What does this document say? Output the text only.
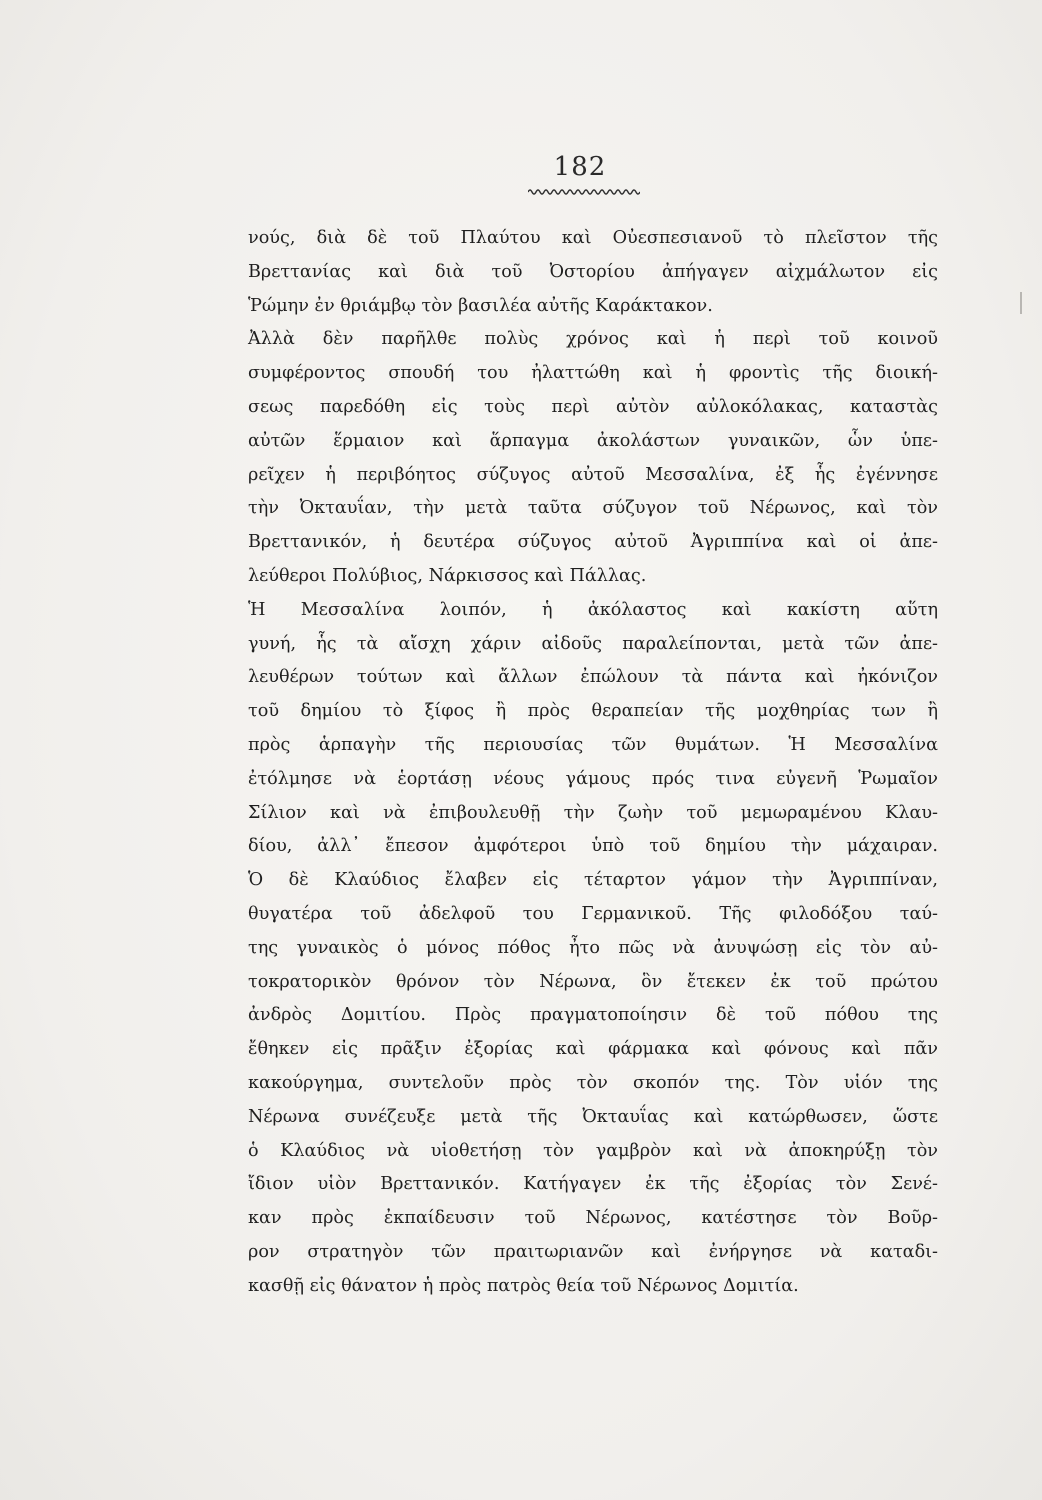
182
νούς, διὰ δὲ τοῦ Πλαύτου καὶ Οὐεσπεσιανοῦ τὸ πλεῖστον τῆς
Βρεττανίας καὶ διὰ τοῦ Ὀστορίου ἀπήγαγεν αἰχμάλωτον εἰς
Ῥώμην ἐν θριάμβῳ τὸν βασιλέα αὐτῆς Καράκτακον.
Ἀλλὰ δὲν παρῆλθε πολὺς χρόνος καὶ ἡ περὶ τοῦ κοινοῦ
συμφέροντος σπουδή του ἠλαττώθη καὶ ἡ φροντὶς τῆς διοική-
σεως παρεδόθη εἰς τοὺς περὶ αὐτὸν αὐλοκόλακας, καταστὰς
αὐτῶν ἕρμαιον καὶ ἅρπαγμα ἀκολάστων γυναικῶν, ὧν ὑπε-
ρεῖχεν ἡ περιβόητος σύζυγος αὐτοῦ Μεσσαλίνα, ἐξ ἧς ἐγέννησε
τὴν Ὀκταυΐαν, τὴν μετὰ ταῦτα σύζυγον τοῦ Νέρωνος, καὶ τὸν
Βρεττανικόν, ἡ δευτέρα σύζυγος αὐτοῦ Ἀγριππίνα καὶ οἱ ἀπε-
λεύθεροι Πολύβιος, Νάρκισσος καὶ Πάλλας.
Ἡ Μεσσαλίνα λοιπόν, ἡ ἀκόλαστος καὶ κακίστη αὕτη
γυνή, ἧς τὰ αἴσχη χάριν αἰδοῦς παραλείπονται, μετὰ τῶν ἀπε-
λευθέρων τούτων καὶ ἄλλων ἐπώλουν τὰ πάντα καὶ ἠκόνιζον
τοῦ δημίου τὸ ξίφος ἢ πρὸς θεραπείαν τῆς μοχθηρίας των ἢ
πρὸς ἁρπαγὴν τῆς περιουσίας τῶν θυμάτων. Ἡ Μεσσαλίνα
ἐτόλμησε νὰ ἑορτάσῃ νέους γάμους πρός τινα εὐγενῆ Ῥωμαῖον
Σίλιον καὶ νὰ ἐπιβουλευθῇ τὴν ζωὴν τοῦ μεμωραμένου Κλαυ-
δίου, ἀλλ᾽ ἔπεσον ἀμφότεροι ὑπὸ τοῦ δημίου τὴν μάχαιραν.
Ὁ δὲ Κλαύδιος ἔλαβεν εἰς τέταρτον γάμον τὴν Ἀγριππίναν,
θυγατέρα τοῦ ἀδελφοῦ του Γερμανικοῦ. Τῆς φιλοδόξου ταύ-
της γυναικὸς ὁ μόνος πόθος ἦτο πῶς νὰ ἀνυψώσῃ εἰς τὸν αὐ-
τοκρατορικὸν θρόνον τὸν Νέρωνα, ὃν ἔτεκεν ἐκ τοῦ πρώτου
ἀνδρὸς Δομιτίου. Πρὸς πραγματοποίησιν δὲ τοῦ πόθου της
ἔθηκεν εἰς πρᾶξιν ἐξορίας καὶ φάρμακα καὶ φόνους καὶ πᾶν
κακούργημα, συντελοῦν πρὸς τὸν σκοπόν της. Τὸν υἱόν της
Νέρωνα συνέζευξε μετὰ τῆς Ὀκταυΐας καὶ κατώρθωσεν, ὥστε
ὁ Κλαύδιος νὰ υἱοθετήσῃ τὸν γαμβρὸν καὶ νὰ ἀποκηρύξῃ τὸν
ἴδιον υἱὸν Βρεττανικόν. Κατήγαγεν ἐκ τῆς ἐξορίας τὸν Σενέ-
καν πρὸς ἐκπαίδευσιν τοῦ Νέρωνος, κατέστησε τὸν Βοῦρ-
ρον στρατηγὸν τῶν πραιτωριανῶν καὶ ἐνήργησε νὰ καταδι-
κασθῇ εἰς θάνατον ἡ πρὸς πατρὸς θεία τοῦ Νέρωνος Δομιτία.
